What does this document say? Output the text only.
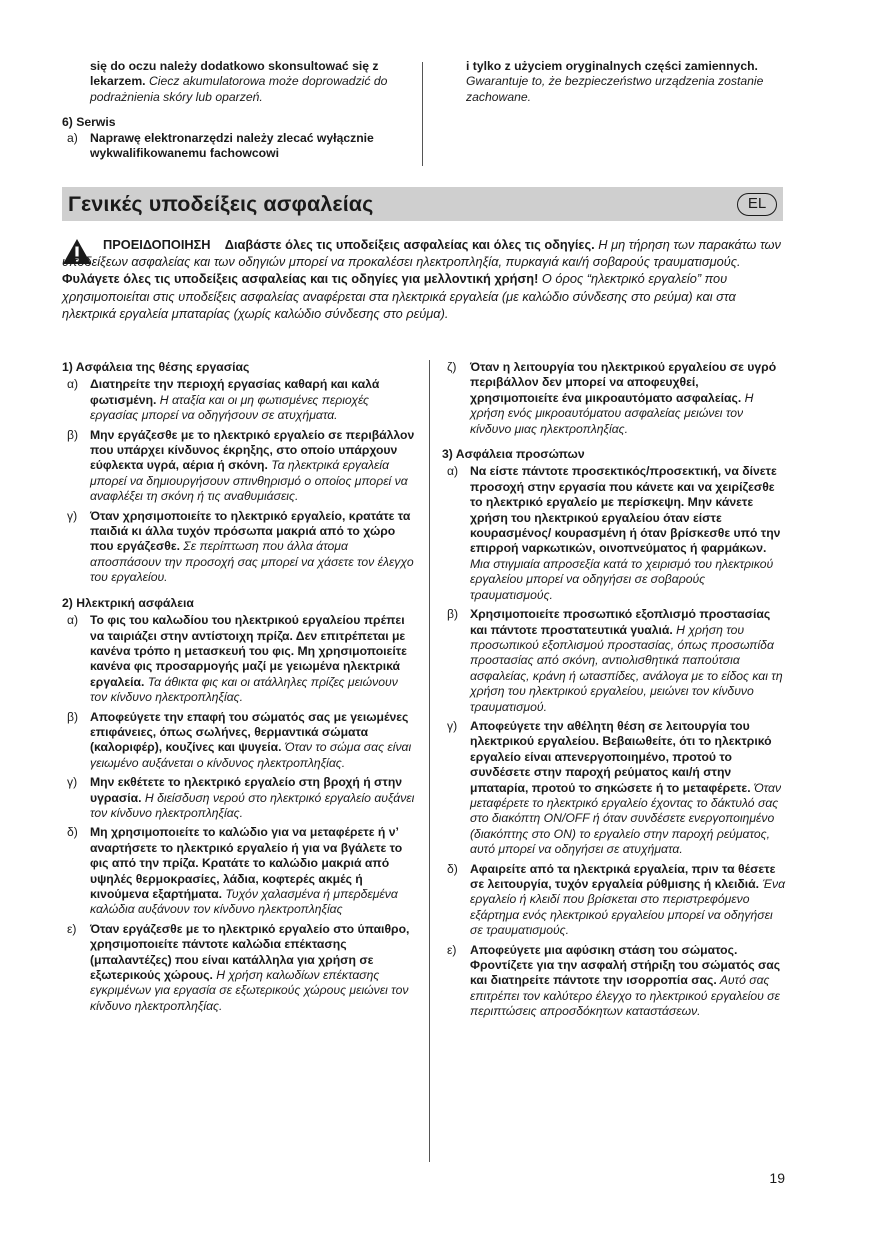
się do oczu należy dodatkowo skonsultować się z lekarzem. Ciecz akumulatorowa może doprowadzić do podrażnienia skóry lub oparzeń.

6) Serwis

a) Naprawę elektronarzędzi należy zlecać wyłącznie wykwalifikowanemu fachowcowi

i tylko z użyciem oryginalnych części zamiennych. Gwarantuje to, że bezpieczeństwo urządzenia zostanie zachowane.

Γενικές υποδείξεις ασφαλείας	EL
ΠΡΟΕΙΔΟΠΟΙΗΣΗ Διαβάστε όλες τις υποδείξεις ασφαλείας και όλες τις οδηγίες. Η μη τήρηση των παρακάτω των υποδείξεων ασφαλείας και των οδηγιών μπορεί να προκαλέσει ηλεκτροπληξία, πυρκαγιά και/ή σοβαρούς τραυματισμούς. Φυλάγετε όλες τις υποδείξεις ασφαλείας και τις οδηγίες για μελλοντική χρήση! Ο όρος “ηλεκτρικό εργαλείο” που χρησιμοποιείται στις υποδείξεις ασφαλείας αναφέρεται στα ηλεκτρικά εργαλεία (με καλώδιο σύνδεσης στο ρεύμα) και στα ηλεκτρικά εργαλεία μπαταρίας (χωρίς καλώδιο σύνδεσης στο ρεύμα).
1) Ασφάλεια της θέσης εργασίας
α) Διατηρείτε την περιοχή εργασίας καθαρή και καλά φωτισμένη. Η αταξία και οι μη φωτισμένες περιοχές εργασίας μπορεί να οδηγήσουν σε ατυχήματα.
β) Μην εργάζεσθε με το ηλεκτρικό εργαλείο σε περιβάλλον που υπάρχει κίνδυνος έκρηξης, στο οποίο υπάρχουν εύφλεκτα υγρά, αέρια ή σκόνη. Τα ηλεκτρικά εργαλεία μπορεί να δημιουργήσουν σπινθηρισμό ο οποίος μπορεί να αναφλέξει τη σκόνη ή τις αναθυμιάσεις.
γ)	Όταν χρησιμοποιείτε το ηλεκτρικό εργαλείο, κρατάτε τα παιδιά κι άλλα τυχόν πρόσωπα μακριά από το χώρο που εργάζεσθε. Σε περίπτωση που άλλα άτομα αποσπάσουν την προσοχή σας μπορεί να χάσετε τον έλεγχο του εργαλείου.
2) Ηλεκτρική ασφάλεια
α) Το φις του καλωδίου του ηλεκτρικού εργαλείου πρέπει να ταιριάζει στην αντίστοιχη πρίζα. Δεν επιτρέπεται με κανένα τρόπο η μετασκευή του φις. Μη χρησιμοποιείτε κανένα φις προσαρμογής μαζί με γειωμένα ηλεκτρικά εργαλεία. Τα άθικτα φις και οι ατάλληλες πρίζες μειώνουν τον κίνδυνο ηλεκτροπληξίας.
β) Αποφεύγετε την επαφή του σώματός σας με γειωμένες επιφάνειες, όπως σωλήνες, θερμαντικά σώματα (καλοριφέρ), κουζίνες και ψυγεία. Όταν το σώμα σας είναι γειωμένο αυξάνεται ο κίνδυνος ηλεκτροπληξίας.
γ)	Μην εκθέτετε το ηλεκτρικό εργαλείο στη βροχή ή στην υγρασία. Η διείσδυση νερού στο ηλεκτρικό εργαλείο αυξάνει τον κίνδυνο ηλεκτροπληξίας.
δ) Μη χρησιμοποιείτε το καλώδιο για να μεταφέρετε ή ν’ αναρτήσετε το ηλεκτρικό εργαλείο ή για να βγάλετε το φις από την πρίζα. Κρατάτε το καλώδιο μακριά από υψηλές θερμοκρασίες, λάδια, κοφτερές ακμές ή κινούμενα εξαρτήματα. Τυχόν χαλασμένα ή μπερδεμένα καλώδια αυξάνουν τον κίνδυνο ηλεκτροπληξίας
ε)	Όταν εργάζεσθε με το ηλεκτρικό εργαλείο στο ύπαιθρο, χρησιμοποιείτε πάντοτε καλώδια επέκτασης (μπαλαντέζες) που είναι κατάλληλα για χρήση σε εξωτερικούς χώρους. Η χρήση καλωδίων επέκτασης εγκριμένων για εργασία σε εξωτερικούς χώρους μειώνει τον κίνδυνο ηλεκτροπληξίας.
ζ)	Όταν η λειτουργία του ηλεκτρικού εργαλείου σε υγρό περιβάλλον δεν μπορεί να αποφευχθεί, χρησιμοποιείτε ένα μικροαυτόματο ασφαλείας. Η χρήση ενός μικροαυτόματου ασφαλείας μειώνει τον κίνδυνο μιας ηλεκτροπληξίας.
3) Ασφάλεια προσώπων
α) Να είστε πάντοτε προσεκτικός/προσεκτική, να δίνετε προσοχή στην εργασία που κάνετε και να χειρίζεσθε το ηλεκτρικό εργαλείο με περίσκεψη. Μην κάνετε χρήση του ηλεκτρικού εργαλείου όταν είστε κουρασμένος/ κουρασμένη ή όταν βρίσκεσθε υπό την επιρροή ναρκωτικών, οινοπνεύματος ή φαρμάκων. Μια στιγμιαία απροσεξία κατά το χειρισμό του ηλεκτρικού εργαλείου μπορεί να οδηγήσει σε σοβαρούς τραυματισμούς.
β) Χρησιμοποιείτε προσωπικό εξοπλισμό προστασίας και πάντοτε προστατευτικά γυαλιά. Η χρήση του προσωπικού εξοπλισμού προστασίας, όπως προσωπίδα προστασίας από σκόνη, αντιολισθητικά παπούτσια ασφαλείας, κράνη ή ωτασπίδες, ανάλογα με το είδος και τη χρήση του ηλεκτρικού εργαλείου, μειώνει τον κίνδυνο τραυματισμού.
γ)	Αποφεύγετε την αθέλητη θέση σε λειτουργία του ηλεκτρικού εργαλείου. Βεβαιωθείτε, ότι το ηλεκτρικό εργαλείο είναι απενεργοποιημένο, προτού το συνδέσετε στην παροχή ρεύματος και/ή στην μπαταρία, προτού το σηκώσετε ή το μεταφέρετε. Όταν μεταφέρετε το ηλεκτρικό εργαλείο έχοντας το δάκτυλό σας στο διακόπτη ON/OFF ή όταν συνδέσετε ενεργοποιημένο (διακόπτης στο ON) το εργαλείο στην παροχή ρεύματος, αυτό μπορεί να οδηγήσει σε ατυχήματα.
δ) Αφαιρείτε από τα ηλεκτρικά εργαλεία, πριν τα θέσετε σε λειτουργία, τυχόν εργαλεία ρύθμισης ή κλειδιά. Ένα εργαλείο ή κλειδί που βρίσκεται στο περιστρεφόμενο εξάρτημα ενός ηλεκτρικού εργαλείου μπορεί να οδηγήσει σε τραυματισμούς.
ε)	Αποφεύγετε μια αφύσικη στάση του σώματος. Φροντίζετε για την ασφαλή στήριξη του σώματός σας και διατηρείτε πάντοτε την ισορροπία σας. Αυτό σας επιτρέπει τον καλύτερο έλεγχο το ηλεκτρικού εργαλείου σε περιπτώσεις απροσδόκητων καταστάσεων.
19
